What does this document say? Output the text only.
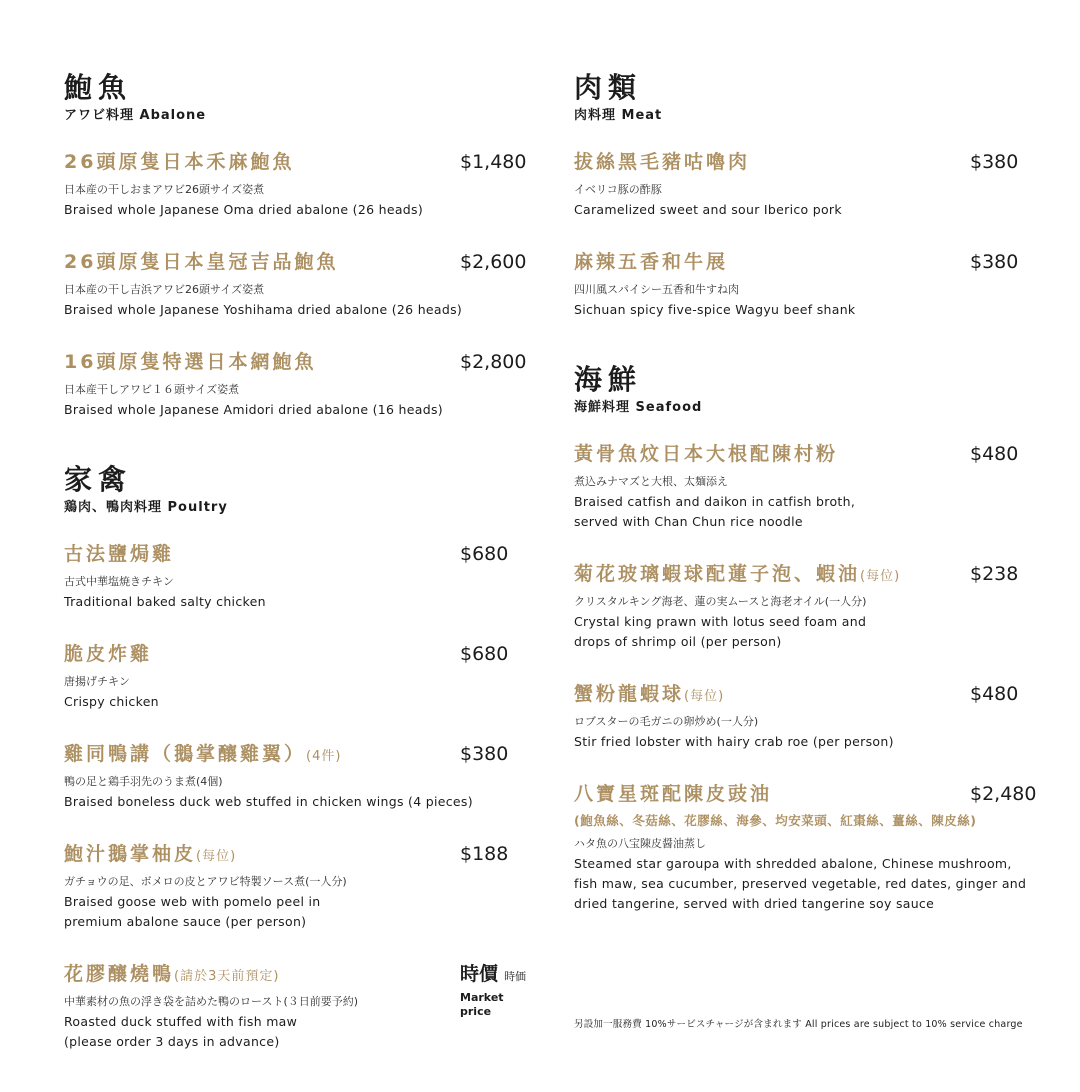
鮑魚
アワビ料理 Abalone
26頭原隻日本禾麻鮑魚	$1,480
日本産の干しおまアワビ26頭サイズ姿煮
Braised whole Japanese Oma dried abalone (26 heads)
26頭原隻日本皇冠吉品鮑魚	$2,600
日本産の干し吉浜アワビ26頭サイズ姿煮
Braised whole Japanese Yoshihama dried abalone (26 heads)
16頭原隻特選日本網鮑魚	$2,800
日本産干しアワビ１６頭サイズ姿煮
Braised whole Japanese Amidori dried abalone (16 heads)
家禽
鶏肉、鴨肉料理 Poultry
古法鹽焗雞	$680
古式中華塩焼きチキン
Traditional baked salty chicken
脆皮炸雞	$680
唐揚げチキン
Crispy chicken
雞同鴨講（鵝掌釀雞翼）(4件)	$380
鴨の足と鶏手羽先のうま煮(4個)
Braised boneless duck web stuffed in chicken wings (4 pieces)
鮑汁鵝掌柚皮(每位)	$188
ガチョウの足、ボメロの皮とアワビ特製ソース煮(一人分)
Braised goose web with pomelo peel in
premium abalone sauce (per person)
花膠釀燒鴨(請於3天前預定)	時價 時価
Market price
中華素材の魚の浮き袋を詰めた鴨のロースト(３日前要予約)
Roasted duck stuffed with fish maw
(please order 3 days in advance)
肉類
肉料理 Meat
拔絲黑毛豬咕嚕肉	$380
イベリコ豚の酢豚
Caramelized sweet and sour Iberico pork
麻辣五香和牛展	$380
四川風スパイシー五香和牛すね肉
Sichuan spicy five-spice Wagyu beef shank
海鮮
海鮮料理 Seafood
黃骨魚炆日本大根配陳村粉	$480
煮込みナマズと大根、太麺添え
Braised catfish and daikon in catfish broth,
served with Chan Chun rice noodle
菊花玻璃蝦球配蓮子泡、蝦油(每位)	$238
クリスタルキング海老、蓮の実ムースと海老オイル(一人分)
Crystal king prawn with lotus seed foam and
drops of shrimp oil (per person)
蟹粉龍蝦球(每位)	$480
ロブスターの毛ガニの卵炒め(一人分)
Stir fried lobster with hairy crab roe (per person)
八寶星斑配陳皮豉油	$2,480
(鮑魚絲、冬菇絲、花膠絲、海參、均安菜頭、紅棗絲、薑絲、陳皮絲)
ハタ魚の八宝陳皮醤油蒸し
Steamed star garoupa with shredded abalone, Chinese mushroom,
fish maw, sea cucumber, preserved vegetable, red dates, ginger and
dried tangerine, served with dried tangerine soy sauce
另設加一服務費 10%サービスチャージが含まれます All prices are subject to 10% service charge
